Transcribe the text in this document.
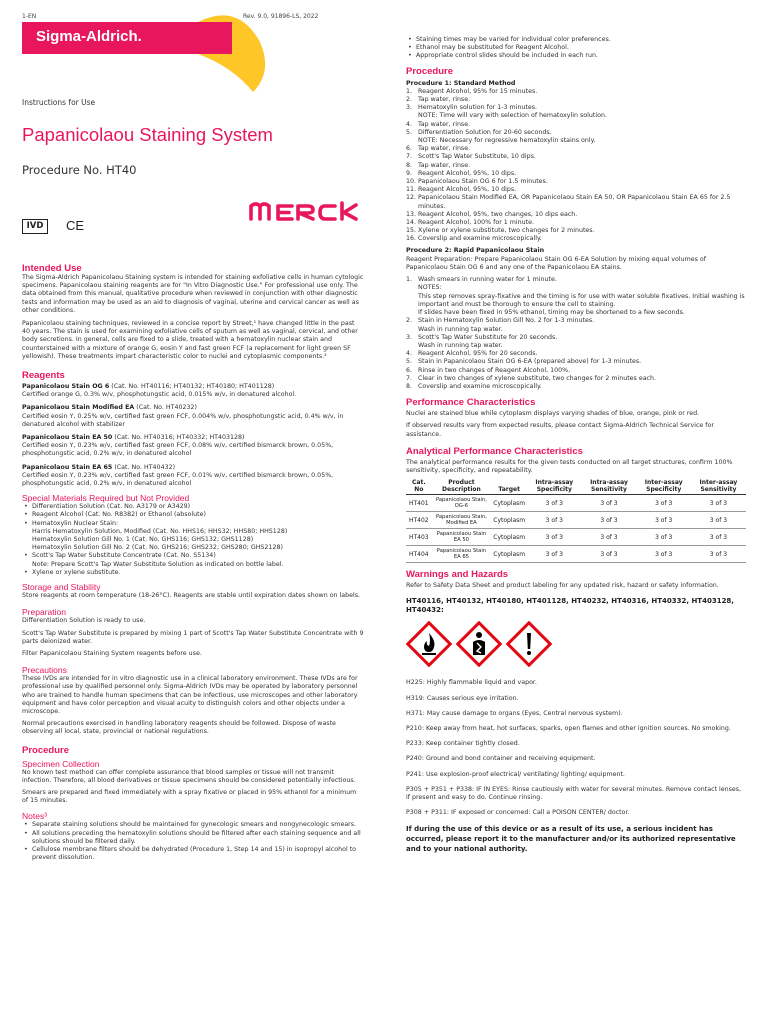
1-EN	Rev. 9.0, 91896-LS, 2022
Sigma-Aldrich.
Instructions for Use
Papanicolaou Staining System
Procedure No. HT40
IVD	CE
Intended Use

The Sigma-Aldrich Papanicolaou Staining system is intended for staining exfoliative cells in human cytologic specimens. Papanicolaou staining reagents are for "In Vitro Diagnostic Use." For professional use only. The data obtained from this manual, qualitative procedure when reviewed in conjunction with other diagnostic tests and information may be used as an aid to diagnosis of vaginal, uterine and cervical cancer as well as other conditions.

Papanicolaou staining techniques, reviewed in a concise report by Street,¹ have changed little in the past 40 years. The stain is used for examining exfoliative cells of sputum as well as vaginal, cervical, and other body secretions. In general, cells are fixed to a slide, treated with a hematoxylin nuclear stain and counterstained with a mixture of orange G, eosin Y and fast green FCF (a replacement for light green SF yellowish). These treatments impart characteristic color to nuclei and cytoplasmic components.²

Reagents
Papanicolaou Stain OG 6 (Cat. No. HT40116; HT40132; HT40180; HT401128)
Certified orange G, 0.3% w/v, phosphotungstic acid, 0.015% w/v, in denatured alcohol.
Papanicolaou Stain Modified EA (Cat. No. HT40232)
Certified eosin Y, 0.25% w/v, certified fast green FCF, 0.004% w/v, phosphotungstic acid, 0.4% w/v, in denatured alcohol with stabilizer
Papanicolaou Stain EA 50 (Cat. No. HT40316; HT40332; HT403128)
Certified eosin Y, 0.23% w/v, certified fast green FCF, 0.08% w/v, certified bismarck brown, 0.05%, phosphotungstic acid, 0.2% w/v, in denatured alcohol
Papanicolaou Stain EA 65 (Cat. No. HT40432)
Certified eosin Y, 0.23% w/v, certified fast green FCF, 0.01% w/v, certified bismarck brown, 0.05%, phosphotungstic acid, 0.2% w/v, in denatured alcohol
Special Materials Required but Not Provided
• Differentiation Solution (Cat. No. A3179 or A3429)
• Reagent Alcohol (Cat. No. R8382) or Ethanol (absolute)
• Hematoxylin Nuclear Stain:
Harris Hematoxylin Solution, Modified (Cat. No. HHS16; HHS32; HHS80; HHS128)
Hematoxylin Solution Gill No. 1 (Cat. No. GHS116; GHS132; GHS1128)
Hematoxylin Solution Gill No. 2 (Cat. No. GHS216; GHS232; GHS280; GHS2128)
• Scott's Tap Water Substitute Concentrate (Cat. No. S5134)
Note: Prepare Scott's Tap Water Substitute Solution as indicated on bottle label.
• Xylene or xylene substitute.
Storage and Stability

Store reagents at room temperature (18-26°C). Reagents are stable until expiration dates shown on labels.

Preparation

Differentiation Solution is ready to use.

Scott's Tap Water Substitute is prepared by mixing 1 part of Scott's Tap Water Substitute Concentrate with 9 parts deionized water.

Filter Papanicolaou Staining System reagents before use.

Precautions

These IVDs are intended for in vitro diagnostic use in a clinical laboratory environment. These IVDs are for professional use by qualified personnel only. Sigma-Aldrich IVDs may be operated by laboratory personnel who are trained to handle human specimens that can be infectious, use microscopes and other laboratory equipment and have color perception and visual acuity to distinguish colors and other objects under a microscope.

Normal precautions exercised in handling laboratory reagents should be followed. Dispose of waste observing all local, state, provincial or national regulations.

Procedure
Specimen Collection

No known test method can offer complete assurance that blood samples or tissue will not transmit infection. Therefore, all blood derivatives or tissue specimens should be considered potentially infectious.

Smears are prepared and fixed immediately with a spray fixative or placed in 95% ethanol for a minimum of 15 minutes.

Notes³
• Separate staining solutions should be maintained for gynecologic smears and nongynecologic smears.
• All solutions preceding the hematoxylin solutions should be filtered after each staining sequence and all solutions should be filtered daily.
• Cellulose membrane filters should be dehydrated (Procedure 1, Step 14 and 15) in isopropyl alcohol to prevent dissolution.
• Staining times may be varied for individual color preferences.
• Ethanol may be substituted for Reagent Alcohol.
• Appropriate control slides should be included in each run.
Procedure

Procedure 1: Standard Method

1. Reagent Alcohol, 95% for 15 minutes.
2. Tap water, rinse.
3. Hematoxylin solution for 1-3 minutes.
NOTE: Time will vary with selection of hematoxylin solution.
4. Tap water, rinse.
5. Differentiation Solution for 20-60 seconds.
NOTE: Necessary for regressive hematoxylin stains only.
6. Tap water, rinse.
7. Scott's Tap Water Substitute, 10 dips.
8. Tap water, rinse.
9. Reagent Alcohol, 95%, 10 dips.
10. Papanicolaou Stain OG 6 for 1.5 minutes.
11. Reagent Alcohol, 95%, 10 dips.
12. Papanicolaou Stain Modified EA, OR Papanicolaou Stain EA 50, OR Papanicolaou Stain EA 65 for 2.5 minutes.
13. Reagent Alcohol, 95%, two changes, 10 dips each.
14. Reagent Alcohol, 100% for 1 minute.
15. Xylene or xylene substitute, two changes for 2 minutes.
16. Coverslip and examine microscopically.

Procedure 2: Rapid Papanicolaou Stain

Reagent Preparation: Prepare Papanicolaou Stain OG 6-EA Solution by mixing equal volumes of Papanicolaou Stain OG 6 and any one of the Papanicolaou EA stains.

1. Wash smears in running water for 1 minute.
NOTES:
This step removes spray-fixative and the timing is for use with water soluble fixatives. Initial washing is important and must be thorough to ensure the cell to staining.
If slides have been fixed in 95% ethanol, timing may be shortened to a few seconds.
2. Stain in Hematoxylin Solution Gill No. 2 for 1-3 minutes.
Wash in running tap water.
3. Scott's Tap Water Substitute for 20 seconds.
Wash in running tap water.
4. Reagent Alcohol, 95% for 20 seconds.
5. Stain in Papanicolaou Stain OG 6-EA (prepared above) for 1-3 minutes.
6. Rinse in two changes of Reagent Alcohol, 100%.
7. Clear in two changes of xylene substitute, two changes for 2 minutes each.
8. Coverslip and examine microscopically.
Performance Characteristics

Nuclei are stained blue while cytoplasm displays varying shades of blue, orange, pink or red.

If observed results vary from expected results, please contact Sigma-Aldrich Technical Service for assistance.

Analytical Performance Characteristics

The analytical performance results for the given tests conducted on all target structures, confirm 100% sensitivity, specificity, and repeatability.

Cat. No	Product Description	Target	Intra-assay Specificity	Intra-assay Sensitivity	Inter-assay Specificity	Inter-assay Sensitivity
HT401	Papanicolaou Stain, OG-6	Cytoplasm	3 of 3	3 of 3	3 of 3	3 of 3
HT402	Papanicolaou Stain, Modified EA	Cytoplasm	3 of 3	3 of 3	3 of 3	3 of 3
HT403	Papanicolaou Stain EA 50	Cytoplasm	3 of 3	3 of 3	3 of 3	3 of 3
HT404	Papanicolaou Stain EA 65	Cytoplasm	3 of 3	3 of 3	3 of 3	3 of 3
Warnings and Hazards

Refer to Safety Data Sheet and product labeling for any updated risk, hazard or safety information.

HT40116, HT40132, HT40180, HT401128, HT40232, HT40316, HT40332, HT403128, HT40432:

H225: Highly flammable liquid and vapor.

H319: Causes serious eye irritation.

H371: May cause damage to organs (Eyes, Central nervous system).

P210: Keep away from heat, hot surfaces, sparks, open flames and other ignition sources. No smoking.

P233: Keep container tightly closed.

P240: Ground and bond container and receiving equipment.

P241: Use explosion-proof electrical/ ventilating/ lighting/ equipment.

P305 + P351 + P338: IF IN EYES: Rinse cautiously with water for several minutes. Remove contact lenses, if present and easy to do. Continue rinsing.

P308 + P311: IF exposed or concerned: Call a POISON CENTER/ doctor.

If during the use of this device or as a result of its use, a serious incident has occurred, please report it to the manufacturer and/or its authorized representative and to your national authority.
